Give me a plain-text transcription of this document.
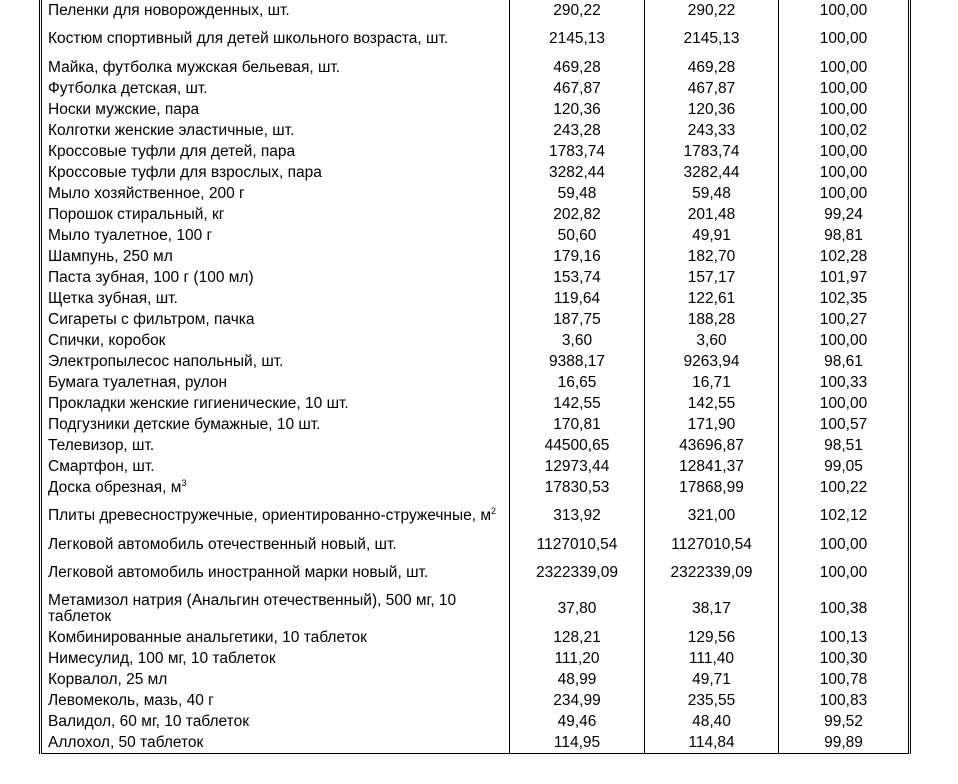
Пеленки для новорожденных, шт.	290,22	290,22	100,00
Костюм спортивный для детей школьного возраста, шт.	2145,13	2145,13	100,00
Майка, футболка мужская бельевая, шт.	469,28	469,28	100,00
Футболка детская, шт.	467,87	467,87	100,00
Носки мужские, пара	120,36	120,36	100,00
Колготки женские эластичные, шт.	243,28	243,33	100,02
Кроссовые туфли для детей, пара	1783,74	1783,74	100,00
Кроссовые туфли для взрослых, пара	3282,44	3282,44	100,00
Мыло хозяйственное, 200 г	59,48	59,48	100,00
Порошок стиральный, кг	202,82	201,48	99,24
Мыло туалетное, 100 г	50,60	49,91	98,81
Шампунь, 250 мл	179,16	182,70	102,28
Паста зубная, 100 г (100 мл)	153,74	157,17	101,97
Щетка зубная, шт.	119,64	122,61	102,35
Сигареты с фильтром, пачка	187,75	188,28	100,27
Спички, коробок	3,60	3,60	100,00
Электропылесос напольный, шт.	9388,17	9263,94	98,61
Бумага туалетная, рулон	16,65	16,71	100,33
Прокладки женские гигиенические, 10 шт.	142,55	142,55	100,00
Подгузники детские бумажные, 10 шт.	170,81	171,90	100,57
Телевизор, шт.	44500,65	43696,87	98,51
Смартфон, шт.	12973,44	12841,37	99,05
Доска обрезная, $м^3$	17830,53	17868,99	100,22
Плиты древесностружечные, ориентированно-стружечные, $м^2$	313,92	321,00	102,12
Легковой автомобиль отечественный новый, шт.	1127010,54	1127010,54	100,00
Легковой автомобиль иностранной марки новый, шт.	2322339,09	2322339,09	100,00
Метамизол натрия (Анальгин отечественный), 500 мг, 10 таблеток	37,80	38,17	100,38
Комбинированные анальгетики, 10 таблеток	128,21	129,56	100,13
Нимесулид, 100 мг, 10 таблеток	111,20	111,40	100,30
Корвалол, 25 мл	48,99	49,71	100,78
Левомеколь, мазь, 40 г	234,99	235,55	100,83
Валидол, 60 мг, 10 таблеток	49,46	48,40	99,52
Аллохол, 50 таблеток	114,95	114,84	99,89
